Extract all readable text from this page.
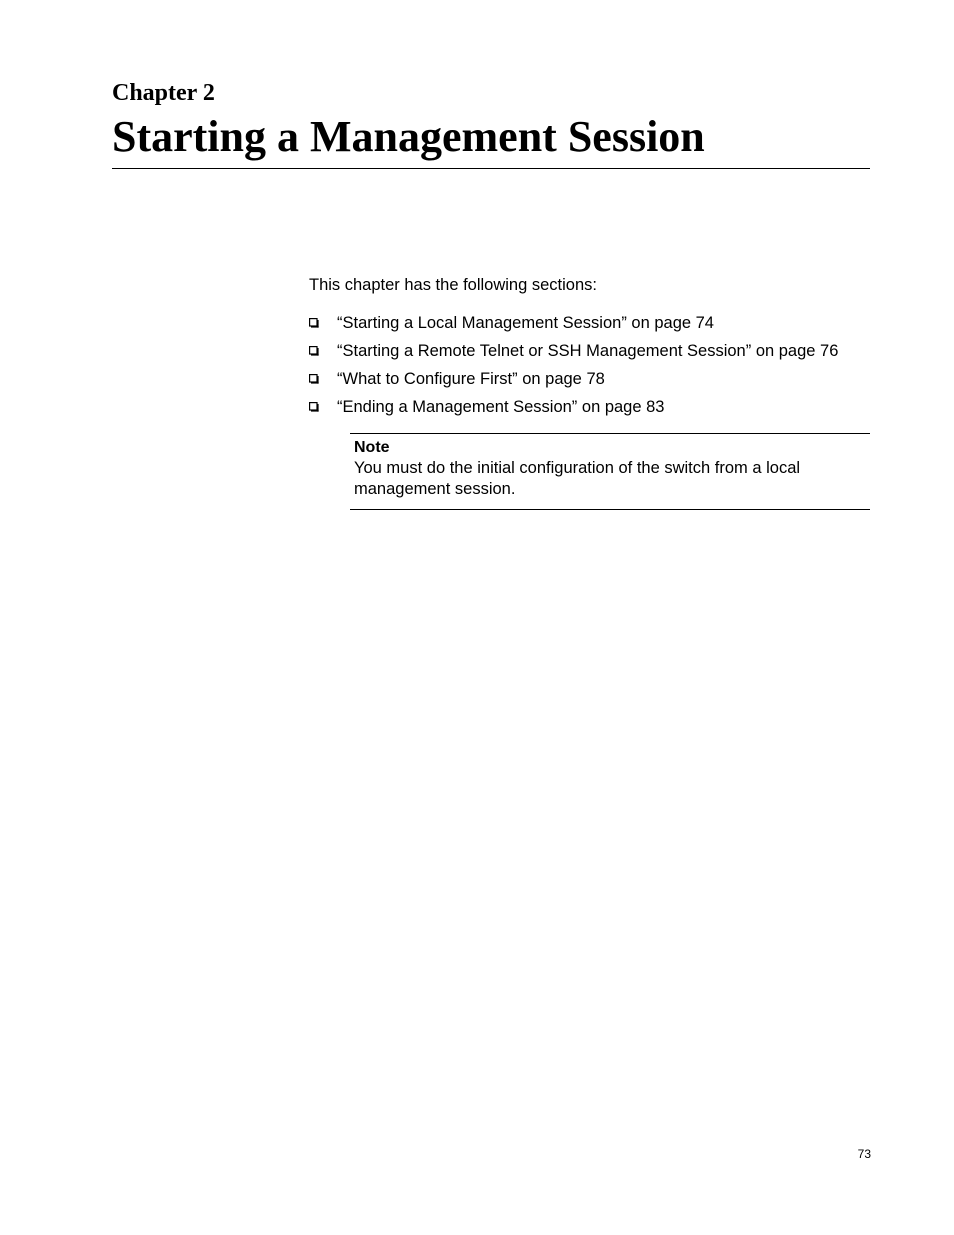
Chapter 2
Starting a Management Session

This chapter has the following sections:

“Starting a Local Management Session” on page 74
“Starting a Remote Telnet or SSH Management Session” on page 76
“What to Configure First” on page 78
“Ending a Management Session” on page 83

Note

You must do the initial configuration of the switch from a local management session.

73
